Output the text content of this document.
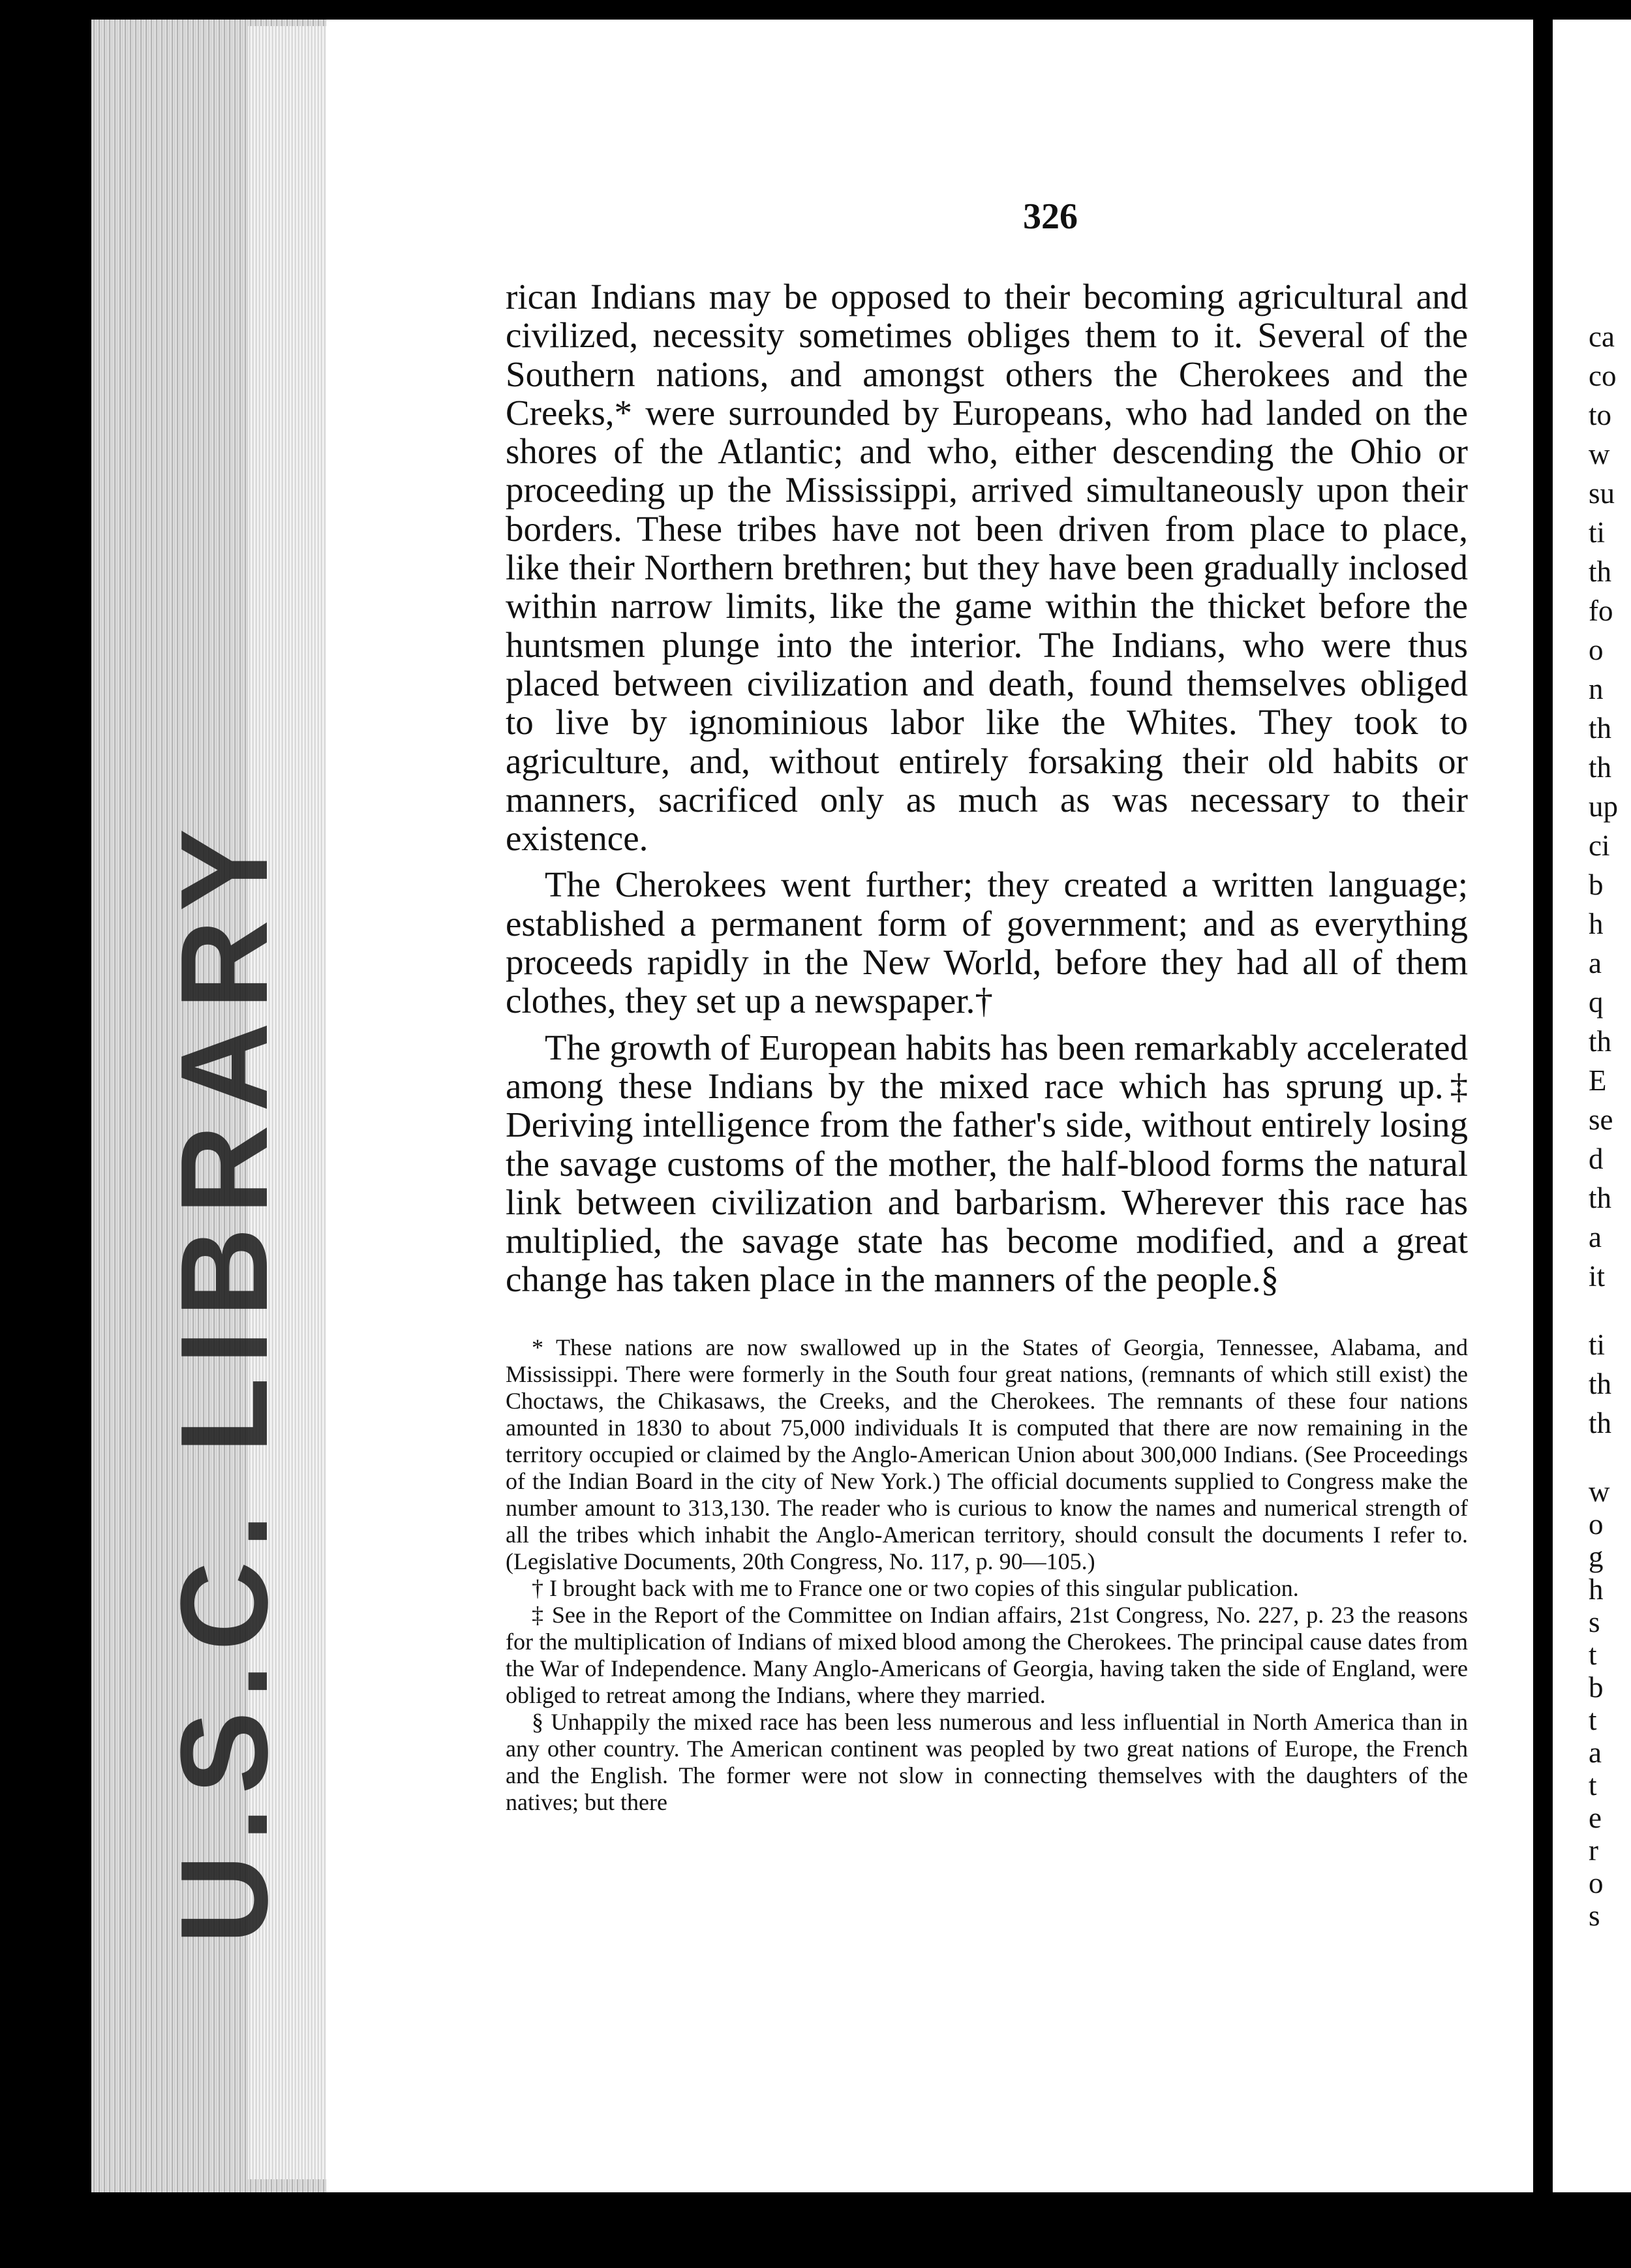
U.S.C. LIBRARY
326

rican Indians may be opposed to their becoming agricultural and civilized, necessity sometimes obliges them to it. Several of the Southern nations, and amongst others the Cherokees and the Creeks,* were surrounded by Europeans, who had landed on the shores of the Atlantic; and who, either descending the Ohio or proceeding up the Mississippi, arrived simultaneously upon their borders. These tribes have not been driven from place to place, like their Northern brethren; but they have been gradually inclosed within narrow limits, like the game within the thicket before the huntsmen plunge into the interior. The Indians, who were thus placed between civilization and death, found themselves obliged to live by ignominious labor like the Whites. They took to agriculture, and, without entirely forsaking their old habits or manners, sacrificed only as much as was necessary to their existence.

The Cherokees went further; they created a written language; established a permanent form of government; and as everything proceeds rapidly in the New World, before they had all of them clothes, they set up a newspaper.†

The growth of European habits has been remarkably accelerated among these Indians by the mixed race which has sprung up.‡ Deriving intelligence from the father's side, without entirely losing the savage customs of the mother, the half-blood forms the natural link between civilization and barbarism. Wherever this race has multiplied, the savage state has become modified, and a great change has taken place in the manners of the people.§

* These nations are now swallowed up in the States of Georgia, Tennessee, Alabama, and Mississippi. There were formerly in the South four great nations, (remnants of which still exist) the Choctaws, the Chikasaws, the Creeks, and the Cherokees. The remnants of these four nations amounted in 1830 to about 75,000 individuals It is computed that there are now remaining in the territory occupied or claimed by the Anglo-American Union about 300,000 Indians. (See Proceedings of the Indian Board in the city of New York.) The official documents supplied to Congress make the number amount to 313,130. The reader who is curious to know the names and numerical strength of all the tribes which inhabit the Anglo-American territory, should consult the documents I refer to. (Legislative Documents, 20th Congress, No. 117, p. 90—105.)

† I brought back with me to France one or two copies of this singular publication.

‡ See in the Report of the Committee on Indian affairs, 21st Congress, No. 227, p. 23 the reasons for the multiplication of Indians of mixed blood among the Cherokees. The principal cause dates from the War of Independence. Many Anglo-Americans of Georgia, having taken the side of England, were obliged to retreat among the Indians, where they married.

§ Unhappily the mixed race has been less numerous and less influential in North America than in any other country. The American continent was peopled by two great nations of Europe, the French and the English. The former were not slow in connecting themselves with the daughters of the natives; but there

ca
co
to
w
su
ti
th
fo
o
n
th
th
up
ci
b
h
a
q
th
E
se
d
th
a
it
ti
th
th
w
o
g
h
s
t
b
t
a
t
e
r
o
s
